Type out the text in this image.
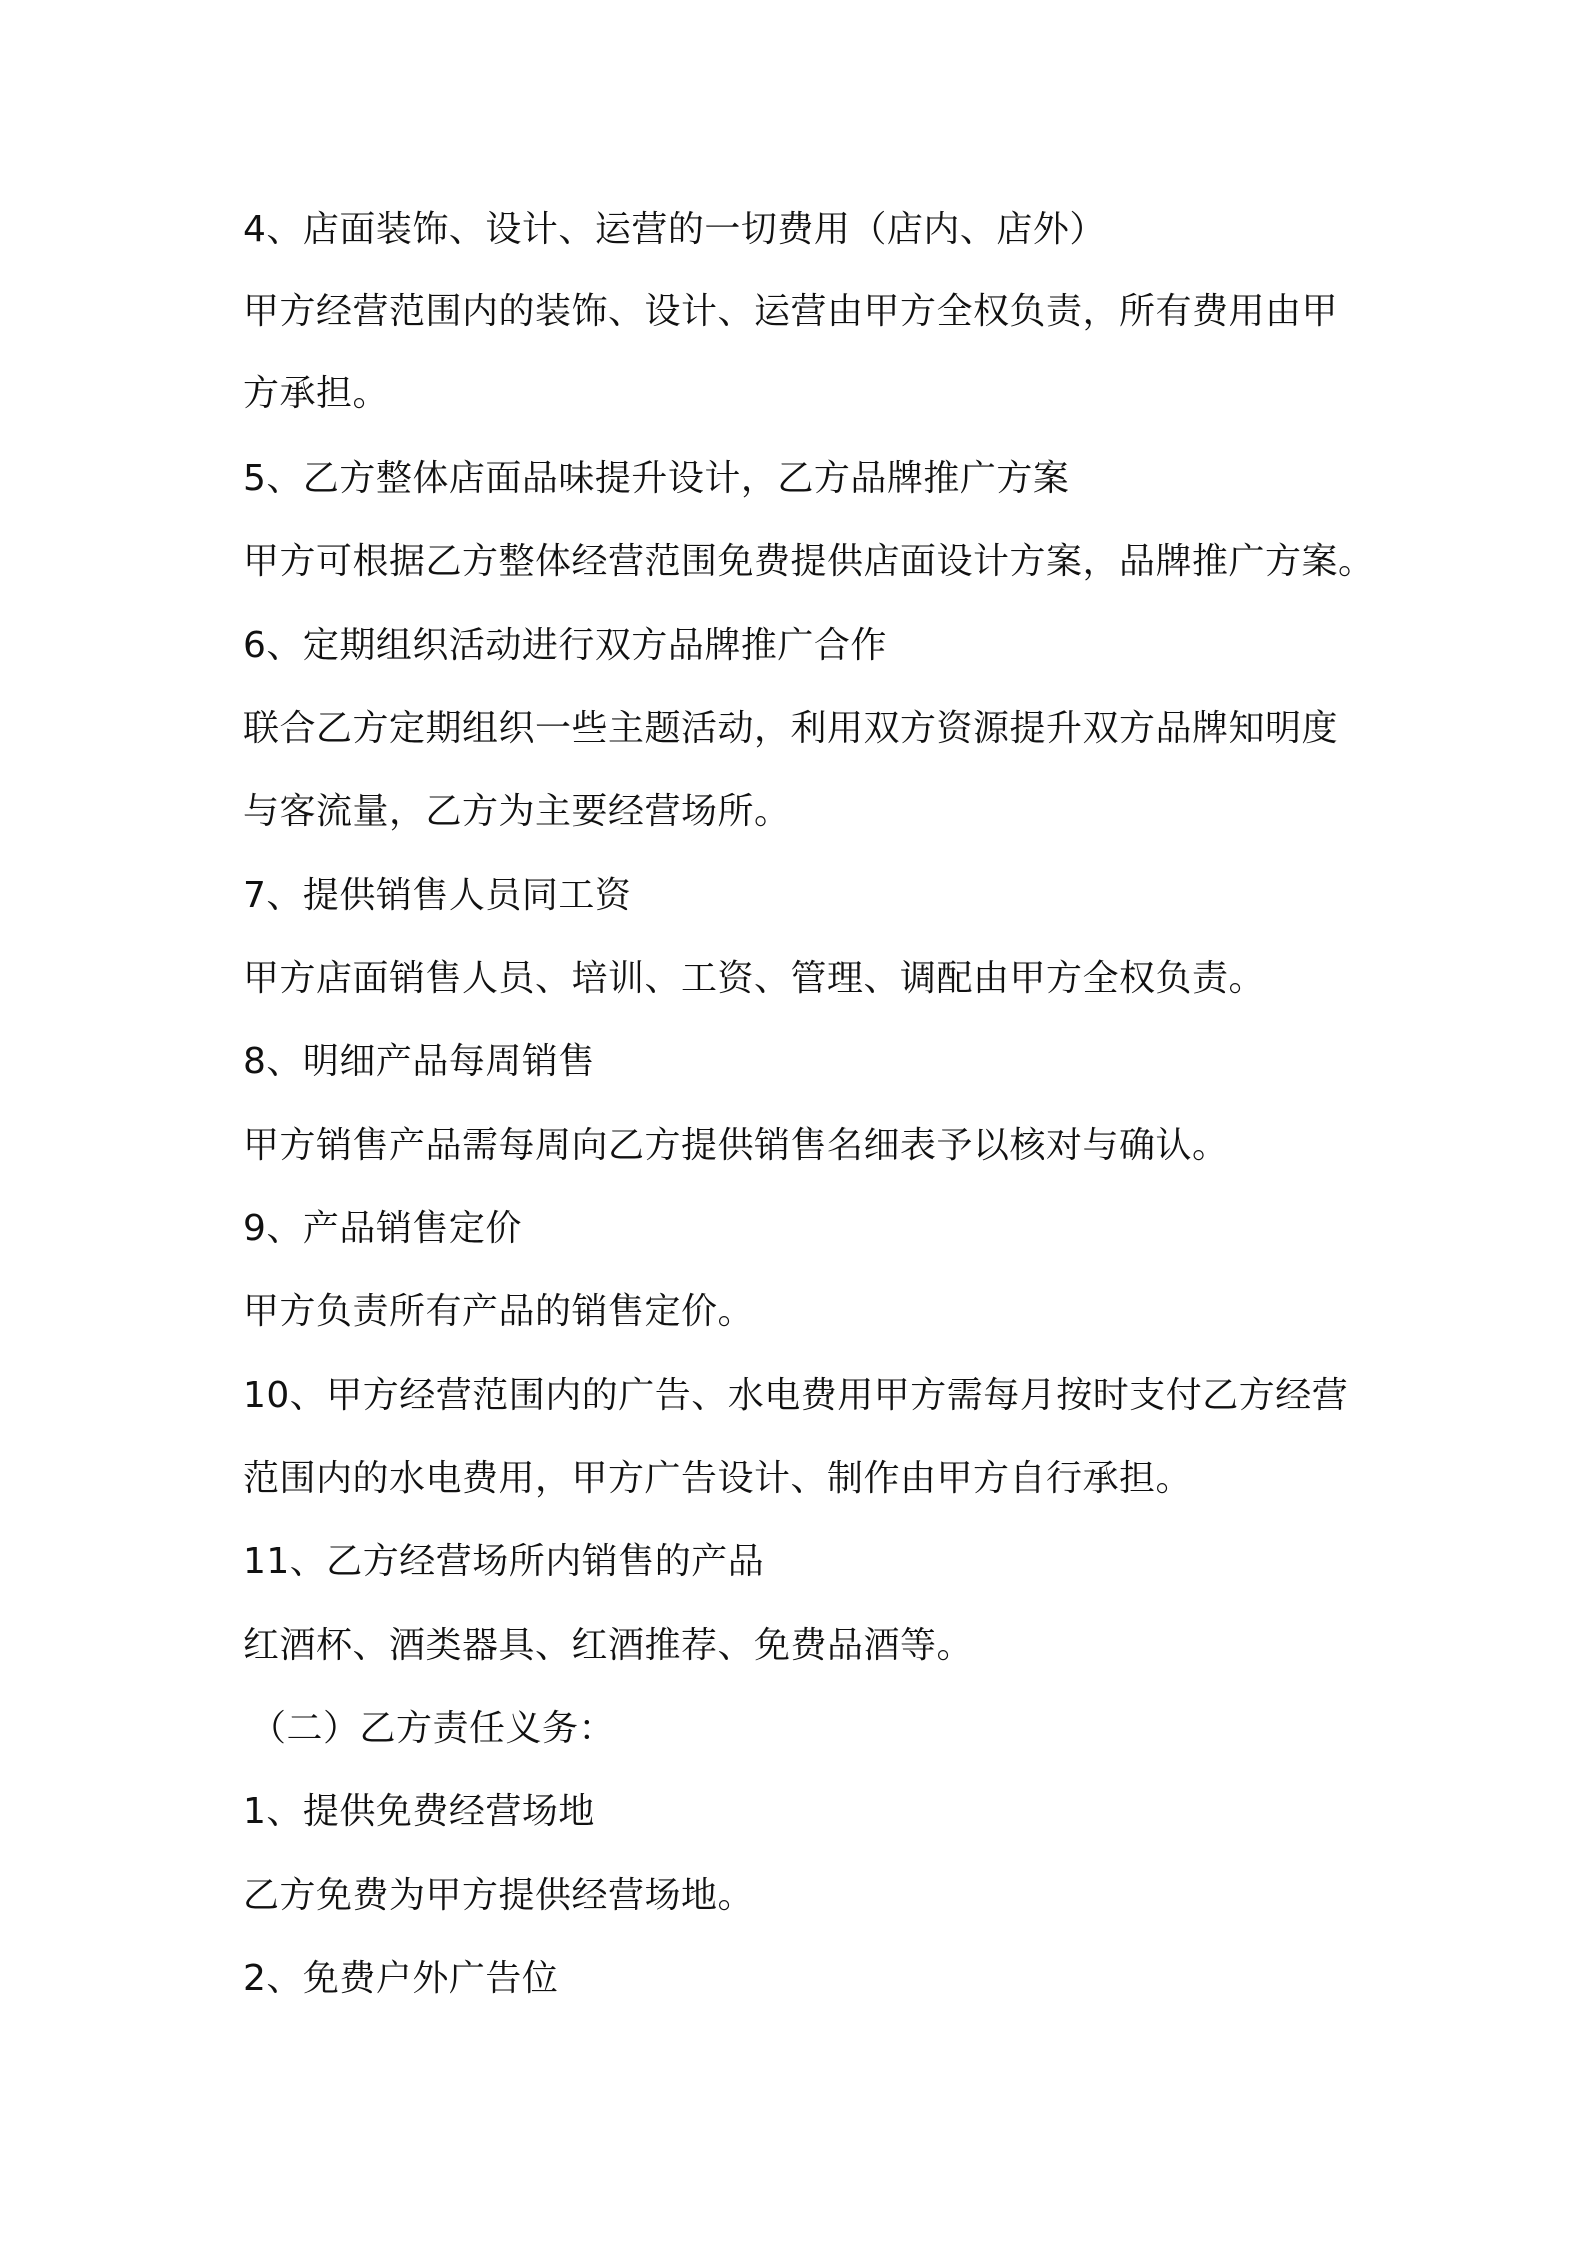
4、店面装饰、设计、运营的一切费用（店内、店外）
甲方经营范围内的装饰、设计、运营由甲方全权负责，所有费用由甲
方承担。
5、乙方整体店面品味提升设计，乙方品牌推广方案
甲方可根据乙方整体经营范围免费提供店面设计方案，品牌推广方案。
6、定期组织活动进行双方品牌推广合作
联合乙方定期组织一些主题活动，利用双方资源提升双方品牌知明度
与客流量，乙方为主要经营场所。
7、提供销售人员同工资
甲方店面销售人员、培训、工资、管理、调配由甲方全权负责。
8、明细产品每周销售
甲方销售产品需每周向乙方提供销售名细表予以核对与确认。
9、产品销售定价
甲方负责所有产品的销售定价。
10、甲方经营范围内的广告、水电费用甲方需每月按时支付乙方经营
范围内的水电费用，甲方广告设计、制作由甲方自行承担。
11、乙方经营场所内销售的产品
红酒杯、酒类器具、红酒推荐、免费品酒等。
（二）乙方责任义务：
1、提供免费经营场地
乙方免费为甲方提供经营场地。
2、免费户外广告位
